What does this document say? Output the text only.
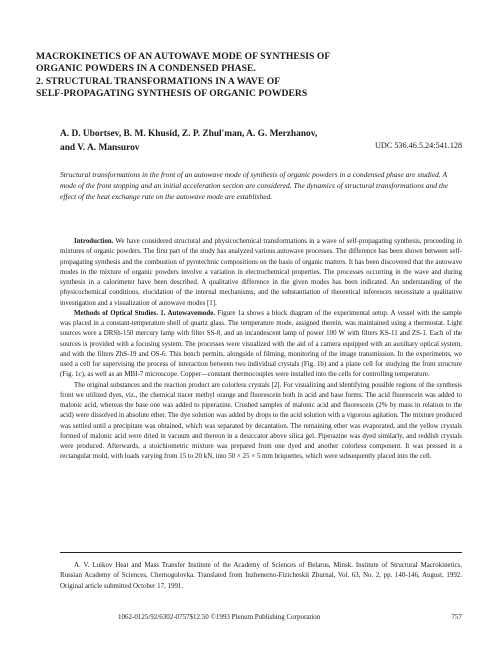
MACROKINETICS OF AN AUTOWAVE MODE OF SYNTHESIS OF
ORGANIC POWDERS IN A CONDENSED PHASE.
2. STRUCTURAL TRANSFORMATIONS IN A WAVE OF
SELF-PROPAGATING SYNTHESIS OF ORGANIC POWDERS
A. D. Ubortsev, B. M. Khusid, Z. P. Zhul'man, A. G. Merzhanov,
and V. A. Mansurov	UDC 536.46.5.24:541.128
Structural transformations in the front of an autowave mode of synthesis of organic powders in a condensed phase are studied. A mode of the front stopping and an initial acceleration section are considered. The dynamics of structural transformations and the effect of the heat exchange rate on the autowave mode are established.

Introduction. We have considered structural and physicochemical transformations in a wave of self-propagating synthesis, proceeding in mixtures of organic powders. The first part of the study has analyzed various autowave processes. The difference has been shown between self-propagating synthesis and the combustion of pyrotechnic compositions on the basis of organic matters. It has been discovered that the autowave modes in the mixture of organic powders involve a variation in electrochemical properties. The processes occurring in the wave and during synthesis in a calorimeter have been described. A qualitative difference in the given modes has been indicated. An understanding of the physicochemical conditions, elucidation of the internal mechanisms, and the substantiation of theoretical inferences necessitate a qualitative investigation and a visualization of autowave modes [1].

Methods of Optical Studies. 1. Autowavemode. Figure 1a shows a block diagram of the experimental setup. A vessel with the sample was placed in a constant-temperature shell of quartz glass. The temperature mode, assigned therein, was maintained using a thermostat. Light sources were a DRSh-150 mercury lamp with filter SS-8, and an incandescent lamp of power 100 W with filters KS-11 and ZS-1. Each of the sources is provided with a focusing system. The processes were visualized with the aid of a camera equipped with an auxiliary optical system, and with the filters ZhS-19 and OS-6. This bench permits, alongside of filming, monitoring of the image transmission. In the experiments, we used a cell for supervising the process of interaction between two individual crystals (Fig. 1b) and a plane cell for studying the front structure (Fig. 1c), as well as an MBI-7 microscope. Copper—constant thermocouples were installed into the cells for controlling temperature.

The original substances and the reaction product are colorless crystals [2]. For visualizing and identifying possible regions of the synthesis front we utilized dyes, viz., the chemical tracer methyl orange and fluorescein both in acid and base forms. The acid fluorescein was added to malonic acid, whereas the base one was added to piperazine. Crushed samples of malonic acid and fluorescein (2% by mass in relation to the acid) were dissolved in absolute ether. The dye solution was added by drops to the acid solution with a vigorous agitation. The mixture produced was settled until a precipitate was obtained, which was separated by decantation. The remaining ether was evaporated, and the yellow crystals formed of malonic acid were dried in vacuum and thereon in a desiccator above silica gel. Piperazine was dyed similarly, and reddish crystals were produced. Afterwards, a stoichiometric mixture was prepared from one dyed and another colorless component. It was pressed in a rectangular mold, with loads varying from 15 to 20 kN, into 50 × 25 × 5 mm briquettes, which were subsequently placed into the cell.

A. V. Luikov Heat and Mass Transfer Institute of the Academy of Sciences of Belarus, Minsk. Institute of Structural Macrokinetics, Russian Academy of Sciences, Chernogolovka. Translated from Inzhenerno-Fizicheskii Zhurnal, Vol. 63, No. 2, pp. 140-146, August, 1992. Original article submitted October 17, 1991.

1062-0125/92/6302-0757$12.50 ©1993 Plenum Publishing Corporation	757
